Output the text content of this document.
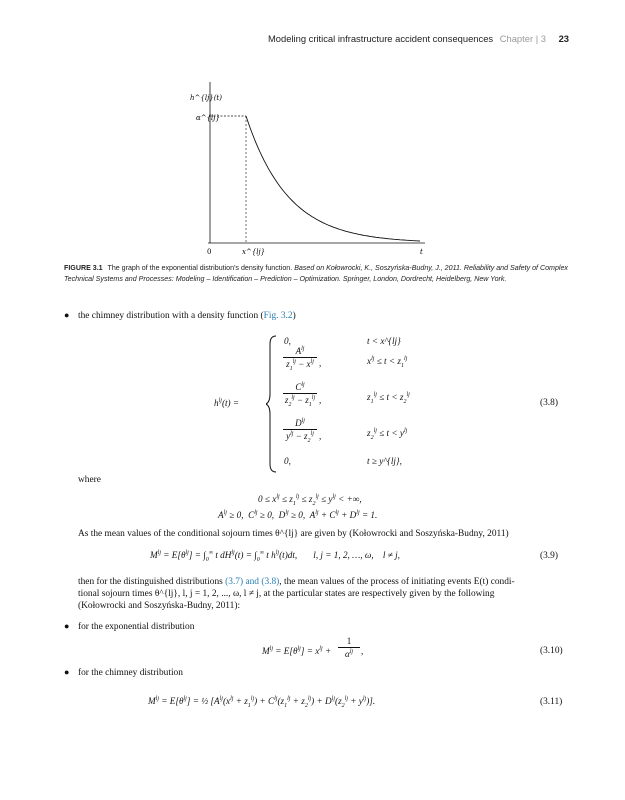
Modeling critical infrastructure accident consequences Chapter | 3 23
h^{lj}(t)
α^{lj}
0	x^{lj}	t
FIGURE 3.1 The graph of the exponential distribution's density function. Based on Kołowrocki, K., Soszyńska-Budny, J., 2011. Reliability and Safety of Complex Technical Systems and Processes: Modeling – Identification – Prediction – Optimization. Springer, London, Dordrecht, Heidelberg, New York.
● the chimney distribution with a density function (Fig. 3.2)
$h^{lj}(t)$ =
0,	t < x^{lj}
$A^{lj}$
$z_1^{lj} - x^{lj}$ ,	$x^{lj} \le t < z_1^{lj}$
$C^{lj}$
$z_2^{lj} - z_1^{lj}$ ,	$z_1^{lj} \le t < z_2^{lj}$
$D^{lj}$
$y^{lj} - z_2^{lj}$ ,	$z_2^{lj} \le t < y^{lj}$
0,	t ≥ y^{lj},
(3.8)
where
$0 \le x^{lj} \le z_1^{lj} \le z_2^{lj} \le y^{lj}$ < +∞,
$A^{lj} \ge 0$,  $C^{lj} \ge 0$,  $D^{lj} \ge 0$,  $A^{lj} + C^{lj} + D^{lj} = 1$.
As the mean values of the conditional sojourn times θ^{lj} are given by (Kołowrocki and Soszyńska-Budny, 2011)
$M^{lj} = E[\theta^{lj}] = \int_0^\infty$ t $dH^{lj}(t) = \int_0^\infty$ t $h^{lj}(t)dt$,       l, j = 1, 2, …, ω,    l ≠ j,	(3.9)
then for the distinguished distributions (3.7) and (3.8), the mean values of the process of initiating events E(t) condi-
tional sojourn times θ^{lj}, l, j = 1, 2, ..., ω, l ≠ j, at the particular states are respectively given by the following
(Kołowrocki and Soszyńska-Budny, 2011):
● for the exponential distribution
$M^{lj} = E[\theta^{lj}] = x^{lj}$ +
1
$\alpha^{lj}$ ,	(3.10)
● for the chimney distribution
$M^{lj} = E[\theta^{lj}]$ = ½ $[A^{lj}(x^{lj} + z_1^{lj}) + C^{lj}(z_1^{lj} + z_2^{lj}) + D^{lj}(z_2^{lj} + y^{lj})]$.	(3.11)
